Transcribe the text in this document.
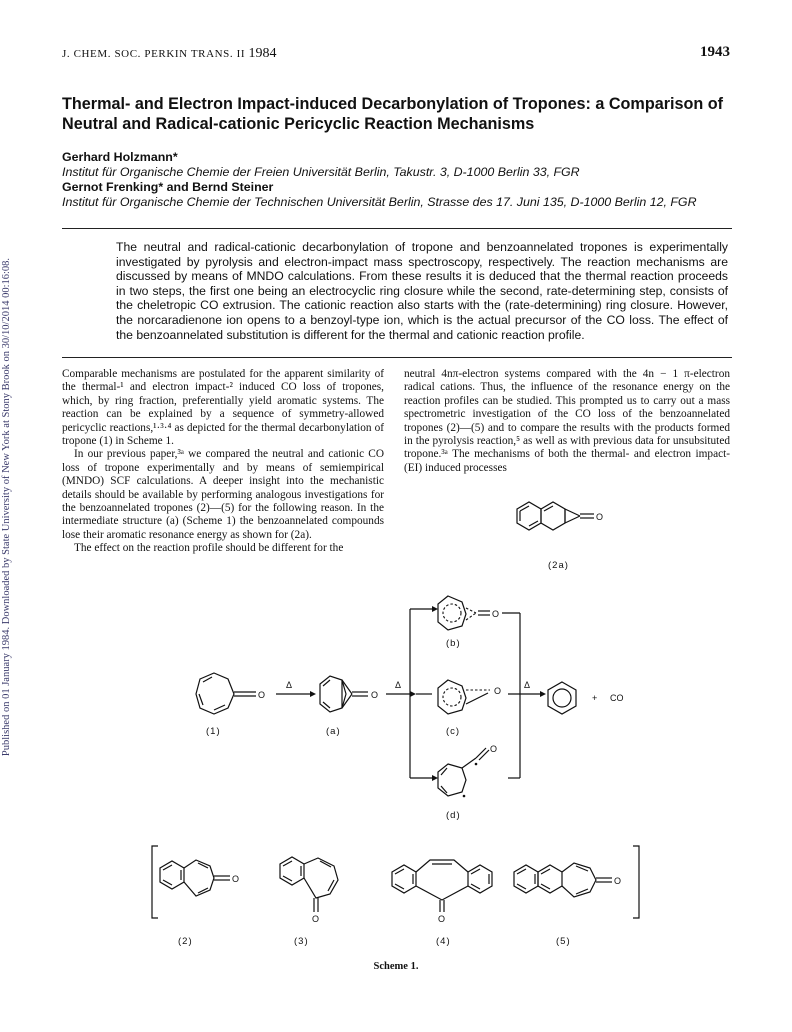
Published on 01 January 1984. Downloaded by State University of New York at Stony Brook on 30/10/2014 00:16:08.
J. CHEM. SOC. PERKIN TRANS. II 1984	1943
Thermal- and Electron Impact-induced Decarbonylation of Tropones: a Comparison of Neutral and Radical-cationic Pericyclic Reaction Mechanisms
Gerhard Holzmann*
Institut für Organische Chemie der Freien Universität Berlin, Takustr. 3, D-1000 Berlin 33, FGR
Gernot Frenking* and Bernd Steiner
Institut für Organische Chemie der Technischen Universität Berlin, Strasse des 17. Juni 135, D-1000 Berlin 12, FGR
The neutral and radical-cationic decarbonylation of tropone and benzoannelated tropones is experimentally investigated by pyrolysis and electron-impact mass spectroscopy, respectively. The reaction mechanisms are discussed by means of MNDO calculations. From these results it is deduced that the thermal reaction proceeds in two steps, the first one being an electrocyclic ring closure while the second, rate-determining step, consists of the cheletropic CO extrusion. The cationic reaction also starts with the (rate-determining) ring closure. However, the norcaradienone ion opens to a benzoyl-type ion, which is the actual precursor of the CO loss. The effect of the benzoannelated substitution is different for the thermal and cationic reaction profile.

Comparable mechanisms are postulated for the apparent similarity of the thermal-¹ and electron impact-² induced CO loss of tropones, which, by ring fraction, preferentially yield aromatic systems. The reaction can be explained by a sequence of symmetry-allowed pericyclic reactions,¹·³·⁴ as depicted for the thermal decarbonylation of tropone (1) in Scheme 1.

In our previous paper,³ᵃ we compared the neutral and cationic CO loss of tropone experimentally and by means of semiempirical (MNDO) SCF calculations. A deeper insight into the mechanistic details should be available by performing analogous investigations for the benzoannelated tropones (2)—(5) for the following reason. In the intermediate structure (a) (Scheme 1) the benzoannelated compounds lose their aromatic resonance energy as shown for (2a).

The effect on the reaction profile should be different for the

neutral 4nπ-electron systems compared with the 4n − 1 π-electron radical cations. Thus, the influence of the resonance energy on the reaction profiles can be studied. This prompted us to carry out a mass spectrometric investigation of the CO loss of the benzoannelated tropones (2)—(5) and to compare the results with the products formed in the pyrolysis reaction,⁵ as well as with previous data for unsubsituted tropone.³ᵃ The mechanisms of both the thermal- and electron impact- (EI) induced processes

O
O
Δ
O
Δ
O
O
O
Δ
+ CO
O
O	O
O
(2a)
(1)	(a)
(b)
(c)
(d)
(2)	(3)	(4)	(5)
Scheme 1.
